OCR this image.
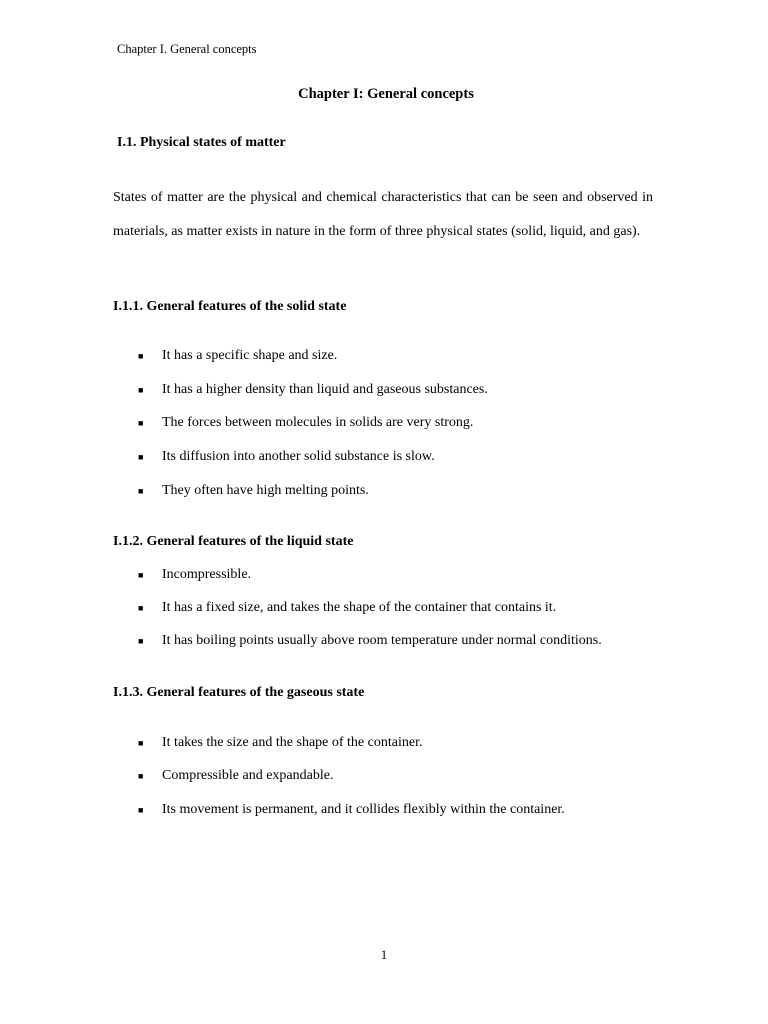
Chapter I. General concepts
Chapter I: General concepts
I.1. Physical states of matter
States of matter are the physical and chemical characteristics that can be seen and observed in materials, as matter exists in nature in the form of three physical states (solid, liquid, and gas).
I.1.1. General features of the solid state
■ It has a specific shape and size.
■ It has a higher density than liquid and gaseous substances.
■ The forces between molecules in solids are very strong.
■ Its diffusion into another solid substance is slow.
■ They often have high melting points.
I.1.2. General features of the liquid state
■ Incompressible.
■ It has a fixed size, and takes the shape of the container that contains it.
■ It has boiling points usually above room temperature under normal conditions.
I.1.3. General features of the gaseous state
■ It takes the size and the shape of the container.
■ Compressible and expandable.
■ Its movement is permanent, and it collides flexibly within the container.
1
